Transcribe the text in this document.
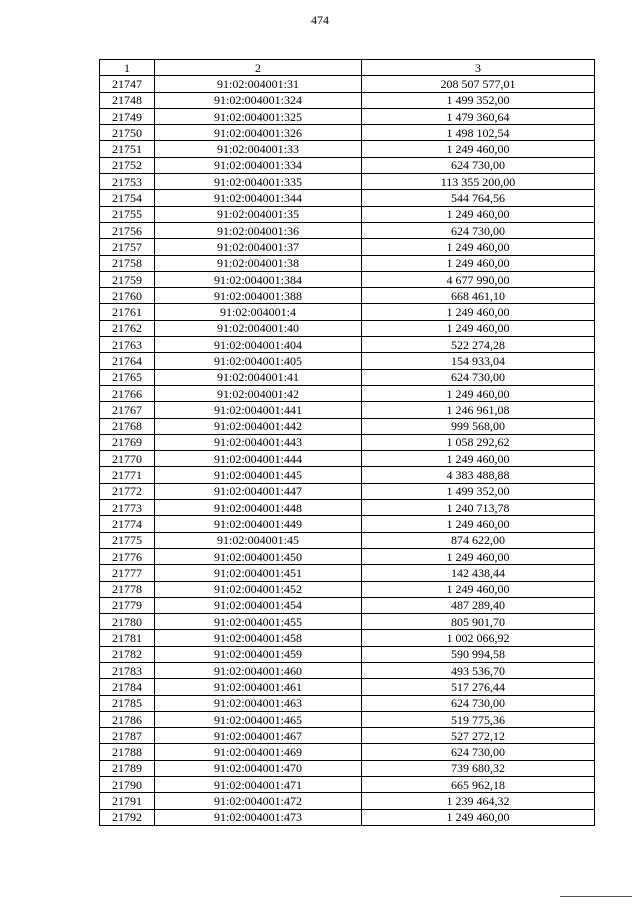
474
1	2	3
21747	91:02:004001:31	208 507 577,01
21748	91:02:004001:324	1 499 352,00
21749	91:02:004001:325	1 479 360,64
21750	91:02:004001:326	1 498 102,54
21751	91:02:004001:33	1 249 460,00
21752	91:02:004001:334	624 730,00
21753	91:02:004001:335	113 355 200,00
21754	91:02:004001:344	544 764,56
21755	91:02:004001:35	1 249 460,00
21756	91:02:004001:36	624 730,00
21757	91:02:004001:37	1 249 460,00
21758	91:02:004001:38	1 249 460,00
21759	91:02:004001:384	4 677 990,00
21760	91:02:004001:388	668 461,10
21761	91:02:004001:4	1 249 460,00
21762	91:02:004001:40	1 249 460,00
21763	91:02:004001:404	522 274,28
21764	91:02:004001:405	154 933,04
21765	91:02:004001:41	624 730,00
21766	91:02:004001:42	1 249 460,00
21767	91:02:004001:441	1 246 961,08
21768	91:02:004001:442	999 568,00
21769	91:02:004001:443	1 058 292,62
21770	91:02:004001:444	1 249 460,00
21771	91:02:004001:445	4 383 488,88
21772	91:02:004001:447	1 499 352,00
21773	91:02:004001:448	1 240 713,78
21774	91:02:004001:449	1 249 460,00
21775	91:02:004001:45	874 622,00
21776	91:02:004001:450	1 249 460,00
21777	91:02:004001:451	142 438,44
21778	91:02:004001:452	1 249 460,00
21779	91:02:004001:454	487 289,40
21780	91:02:004001:455	805 901,70
21781	91:02:004001:458	1 002 066,92
21782	91:02:004001:459	590 994,58
21783	91:02:004001:460	493 536,70
21784	91:02:004001:461	517 276,44
21785	91:02:004001:463	624 730,00
21786	91:02:004001:465	519 775,36
21787	91:02:004001:467	527 272,12
21788	91:02:004001:469	624 730,00
21789	91:02:004001:470	739 680,32
21790	91:02:004001:471	665 962,18
21791	91:02:004001:472	1 239 464,32
21792	91:02:004001:473	1 249 460,00
